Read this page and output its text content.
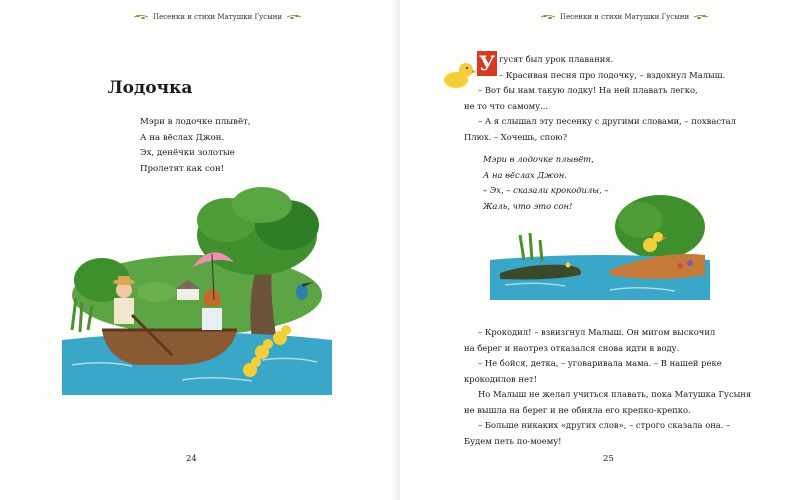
Песенки и стихи Матушки Гусыни
Лодочка
Мэри в лодочке плывёт,
А на вёслах Джон.
Эх, денёчки золотые
Пролетят как сон!
24
Песенки и стихи Матушки Гусыни
У гусят был урок плавания.
– Красивая песня про лодочку, – вздохнул Малыш.
– Вот бы нам такую лодку! На ней плавать легко,
не то что самому...
– А я слышал эту песенку с другими словами, – похвастал
Плюх. – Хочешь, спою?
Мэри в лодочке плывёт,
А на вёслах Джон.
– Эх, – сказали крокодилы, –
Жаль, что это сон!
– Крокодил! – взвизгнул Малыш. Он мигом выскочил
на берег и наотрез отказался снова идти в воду.
– Не бойся, детка, – уговаривала мама. – В нашей реке
крокодилов нет!
Но Малыш не желал учиться плавать, пока Матушка Гусыня
не вышла на берег и не обняла его крепко-крепко.
– Больше никаких «других слов», – строго сказала она. –
Будем петь по-моему!
25
